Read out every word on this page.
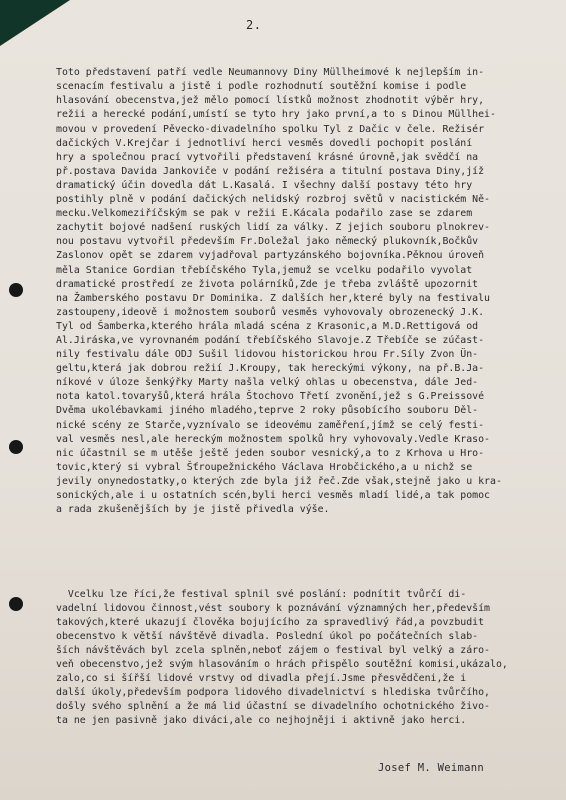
2.

Toto představení patří vedle Neumannovy Diny Müllheimové k nejlepším in-
scenacím festivalu a jistě i podle rozhodnutí soutěžní komise i podle
hlasování obecenstva,jež mělo pomocí lístků možnost zhodnotit výběr hry,
režii a herecké podání,umístí se tyto hry jako první,a to s Dinou Müllhei-
movou v provedení Pěvecko-divadelního spolku Tyl z Dačic v čele. Režisér
dačických V.Krejčar i jednotliví herci vesměs dovedli pochopit poslání
hry a společnou prací vytvořili představení krásné úrovně,jak svědčí na
př.postava Davida Jankoviče v podání režiséra a titulní postava Diny,jíž
dramatický účin dovedla dát L.Kasalá. I všechny další postavy této hry
postihly plně v podání dačických nelidský rozbroj světů v nacistickém Ně-
mecku.Velkomeziříčským se pak v režii E.Kácala podařilo zase se zdarem
zachytit bojové nadšení ruských lidí za války. Z jejich souboru plnokrev-
nou postavu vytvořil především Fr.Doležal jako německý plukovník,Bočkův
Zaslonov opět se zdarem vyjadřoval partyzánského bojovníka.Pěknou úroveň
měla Stanice Gordian třebíčského Tyla,jemuž se vcelku podařilo vyvolat
dramatické prostředí ze života polárníků,Zde je třeba zvláště upozornit
na Žamberského postavu Dr Dominika. Z dalších her,které byly na festivalu
zastoupeny,ideově i možnostem souborů vesměs vyhovovaly obrozenecký J.K.
Tyl od Šamberka,kterého hrála mladá scéna z Krasonic,a M.D.Rettigová od
Al.Jiráska,ve vyrovnaném podání třebíčského Slavoje.Z Třebíče se zúčast-
nily festivalu dále ODJ Sušil lidovou historickou hrou Fr.Síly Zvon Ün-
geltu,která jak dobrou režií J.Kroupy, tak hereckými výkony, na př.B.Ja-
níkové v úloze šenkýřky Marty našla velký ohlas u obecenstva, dále Jed-
nota katol.tovaryšů,která hrála Štochovo Třetí zvonění,jež s G.Preissové
Dvěma ukolébavkami jiného mladého,teprve 2 roky působícího souboru Děl-
nické scény ze Starče,vyznívalo se ideovému zaměření,jímž se celý festi-
val vesměs nesl,ale hereckým možnostem spolků hry vyhovovaly.Vedle Kraso-
nic účastnil se m utěše ještě jeden soubor vesnický,a to z Krhova u Hro-
tovic,který si vybral Šťroupežnického Václava Hrobčického,a u nichž se
jevily onynedostatky,o kterých zde byla již řeč.Zde však,stejně jako u kra-
sonických,ale i u ostatních scén,byli herci vesměs mladí lidé,a tak pomoc
a rada zkušenějších by je jistě přivedla výše.

Vcelku lze říci,že festival splnil své poslání: podnítit tvůrčí di-
vadelní lidovou činnost,vést soubory k poznávání významných her,především
takových,které ukazují člověka bojujícího za spravedlivý řád,a povzbudit
obecenstvo k větší návštěvě divadla. Poslední úkol po počátečních slab-
ších návštěvách byl zcela splněn,neboť zájem o festival byl velký a záro-
veň obecenstvo,jež svým hlasováním o hrách přispělo soutěžní komisi,ukázalo,
zalo,co si šířší lidové vrstvy od divadla přejí.Jsme přesvědčeni,že i
další úkoly,především podpora lidového divadelnictví s hlediska tvůrčího,
došly svého splnění a že má lid účastní se divadelního ochotnického živo-
ta ne jen pasivně jako diváci,ale co nejhojněji i aktivně jako herci.

Josef M. Weimann
